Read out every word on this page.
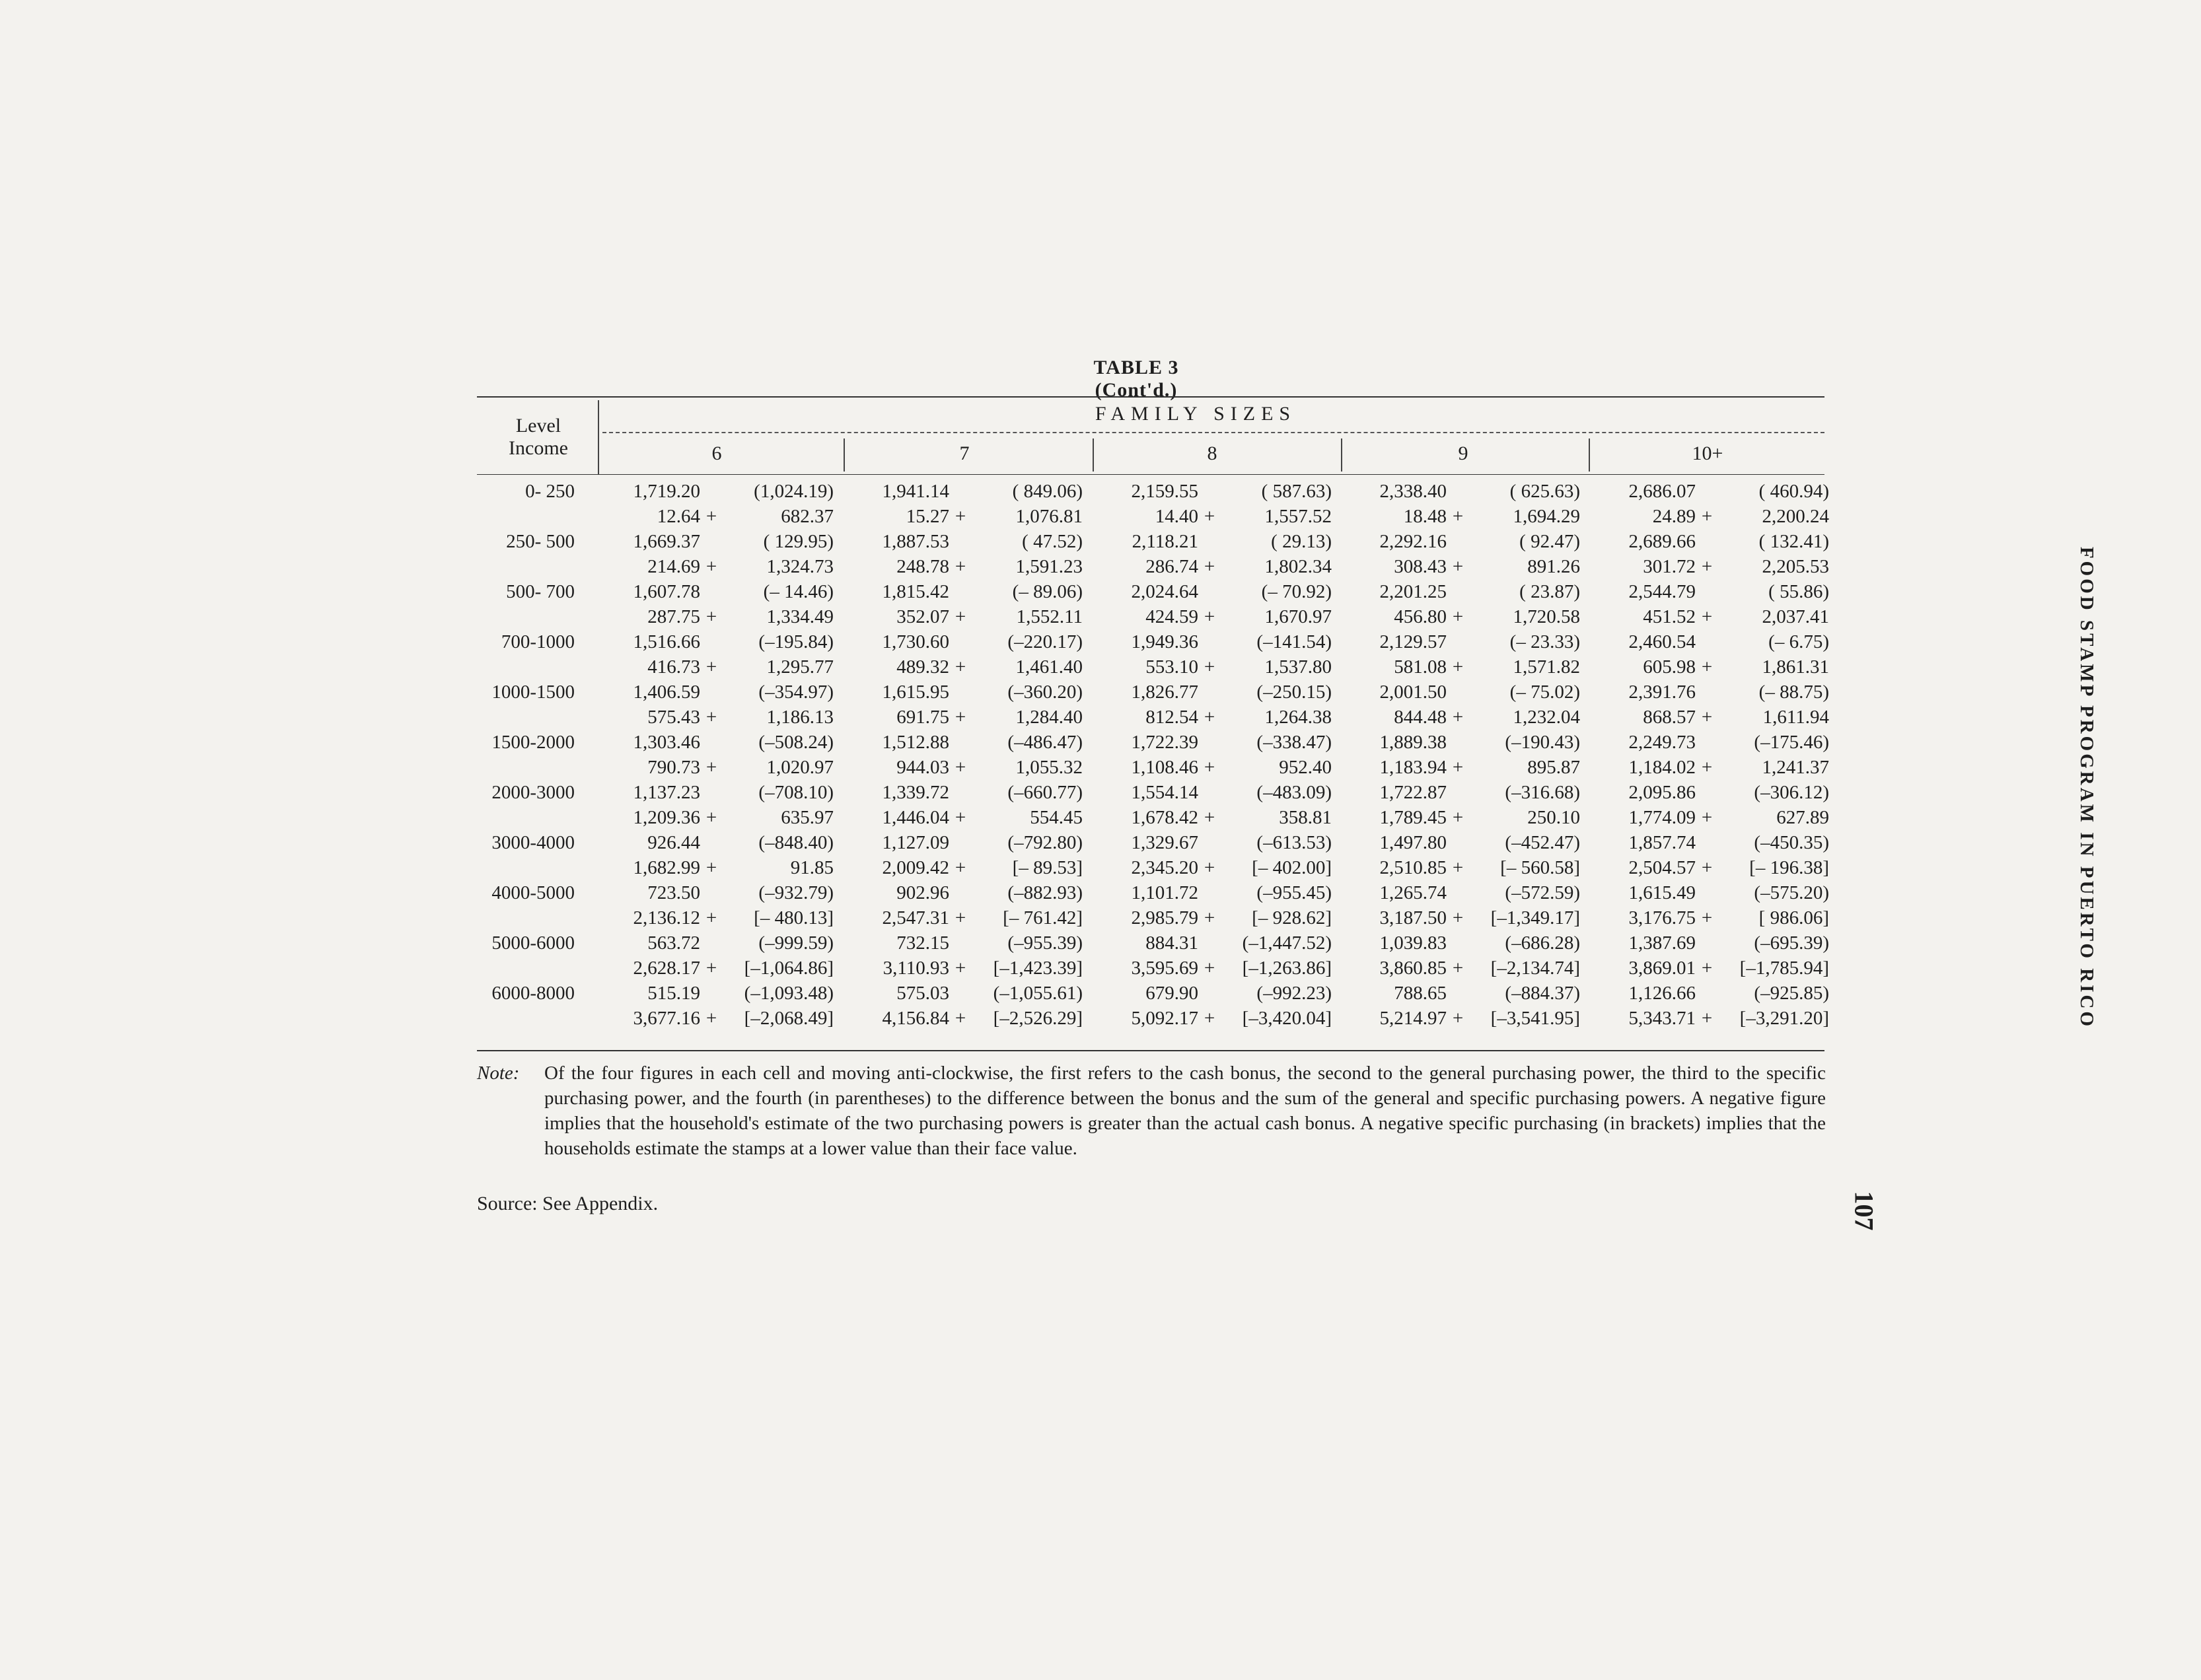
TABLE 3 (Cont'd.)
Level
Income
FAMILY SIZES
6	7	8	9	10+
0- 250	1,719.20	(1,024.19)	1,941.14	( 849.06)	2,159.55	( 587.63)	2,338.40	( 625.63)	2,686.07	( 460.94)
12.64 +	682.37	15.27 +	1,076.81	14.40 +	1,557.52	18.48 +	1,694.29	24.89 +	2,200.24
250- 500	1,669.37	( 129.95)	1,887.53	( 47.52)	2,118.21	( 29.13)	2,292.16	( 92.47)	2,689.66	( 132.41)
214.69 +	1,324.73	248.78 +	1,591.23	286.74 +	1,802.34	308.43 +	891.26	301.72 +	2,205.53
500- 700	1,607.78	(– 14.46)	1,815.42	(– 89.06)	2,024.64	(– 70.92)	2,201.25	( 23.87)	2,544.79	( 55.86)
287.75 +	1,334.49	352.07 +	1,552.11	424.59 +	1,670.97	456.80 +	1,720.58	451.52 +	2,037.41
700-1000	1,516.66	(–195.84)	1,730.60	(–220.17)	1,949.36	(–141.54)	2,129.57	(– 23.33)	2,460.54	(– 6.75)
416.73 +	1,295.77	489.32 +	1,461.40	553.10 +	1,537.80	581.08 +	1,571.82	605.98 +	1,861.31
1000-1500	1,406.59	(–354.97)	1,615.95	(–360.20)	1,826.77	(–250.15)	2,001.50	(– 75.02)	2,391.76	(– 88.75)
575.43 +	1,186.13	691.75 +	1,284.40	812.54 +	1,264.38	844.48 +	1,232.04	868.57 +	1,611.94
1500-2000	1,303.46	(–508.24)	1,512.88	(–486.47)	1,722.39	(–338.47)	1,889.38	(–190.43)	2,249.73	(–175.46)
790.73 +	1,020.97	944.03 +	1,055.32	1,108.46 +	952.40	1,183.94 +	895.87	1,184.02 +	1,241.37
2000-3000	1,137.23	(–708.10)	1,339.72	(–660.77)	1,554.14	(–483.09)	1,722.87	(–316.68)	2,095.86	(–306.12)
1,209.36 +	635.97	1,446.04 +	554.45	1,678.42 +	358.81	1,789.45 +	250.10	1,774.09 +	627.89
3000-4000	926.44	(–848.40)	1,127.09	(–792.80)	1,329.67	(–613.53)	1,497.80	(–452.47)	1,857.74	(–450.35)
1,682.99 +	91.85	2,009.42 +	[– 89.53]	2,345.20 +	[– 402.00]	2,510.85 +	[– 560.58]	2,504.57 +	[– 196.38]
4000-5000	723.50	(–932.79)	902.96	(–882.93)	1,101.72	(–955.45)	1,265.74	(–572.59)	1,615.49	(–575.20)
2,136.12 +	[– 480.13]	2,547.31 +	[– 761.42]	2,985.79 +	[– 928.62]	3,187.50 +	[–1,349.17]	3,176.75 +	[ 986.06]
5000-6000	563.72	(–999.59)	732.15	(–955.39)	884.31	(–1,447.52)	1,039.83	(–686.28)	1,387.69	(–695.39)
2,628.17 +	[–1,064.86]	3,110.93 +	[–1,423.39]	3,595.69 +	[–1,263.86]	3,860.85 +	[–2,134.74]	3,869.01 +	[–1,785.94]
6000-8000	515.19	(–1,093.48)	575.03	(–1,055.61)	679.90	(–992.23)	788.65	(–884.37)	1,126.66	(–925.85)
3,677.16 +	[–2,068.49]	4,156.84 +	[–2,526.29]	5,092.17 +	[–3,420.04]	5,214.97 +	[–3,541.95]	5,343.71 +	[–3,291.20]
Note: Of the four figures in each cell and moving anti-clockwise, the first refers to the cash bonus, the second to the general purchasing power, the third to the specific purchasing power, and the fourth (in parentheses) to the difference between the bonus and the sum of the general and specific purchasing powers. A negative figure implies that the household's estimate of the two purchasing powers is greater than the actual cash bonus. A negative specific purchasing (in brackets) implies that the households estimate the stamps at a lower value than their face value.
Source: See Appendix.
FOOD STAMP PROGRAM IN PUERTO RICO
107
